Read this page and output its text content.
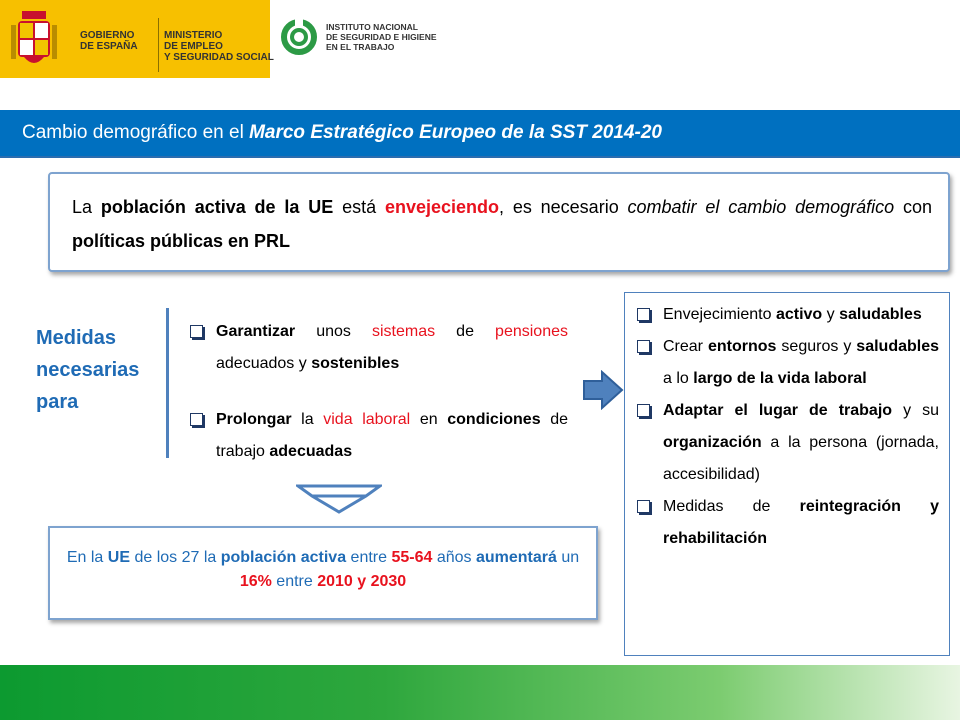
GOBIERNO
DE ESPAÑA
MINISTERIO
DE EMPLEO
Y SEGURIDAD SOCIAL
INSTITUTO NACIONAL
DE SEGURIDAD E HIGIENE
EN EL TRABAJO
Cambio demográfico en el Marco Estratégico Europeo de la SST 2014-20
La población activa de la UE está envejeciendo, es necesario combatir el cambio demográfico con políticas públicas en PRL
Medidas
necesarias
para
Garantizar unos sistemas de pensiones adecuados y sostenibles
Prolongar la vida laboral en condiciones de trabajo adecuadas
Envejecimiento activo y saludables
Crear entornos seguros y saludables a lo largo de la vida laboral
Adaptar el lugar de trabajo y su organización a la persona (jornada, accesibilidad)
Medidas de reintegración y rehabilitación
En la UE de los 27 la población activa entre 55-64 años aumentará un 16% entre 2010 y 2030
